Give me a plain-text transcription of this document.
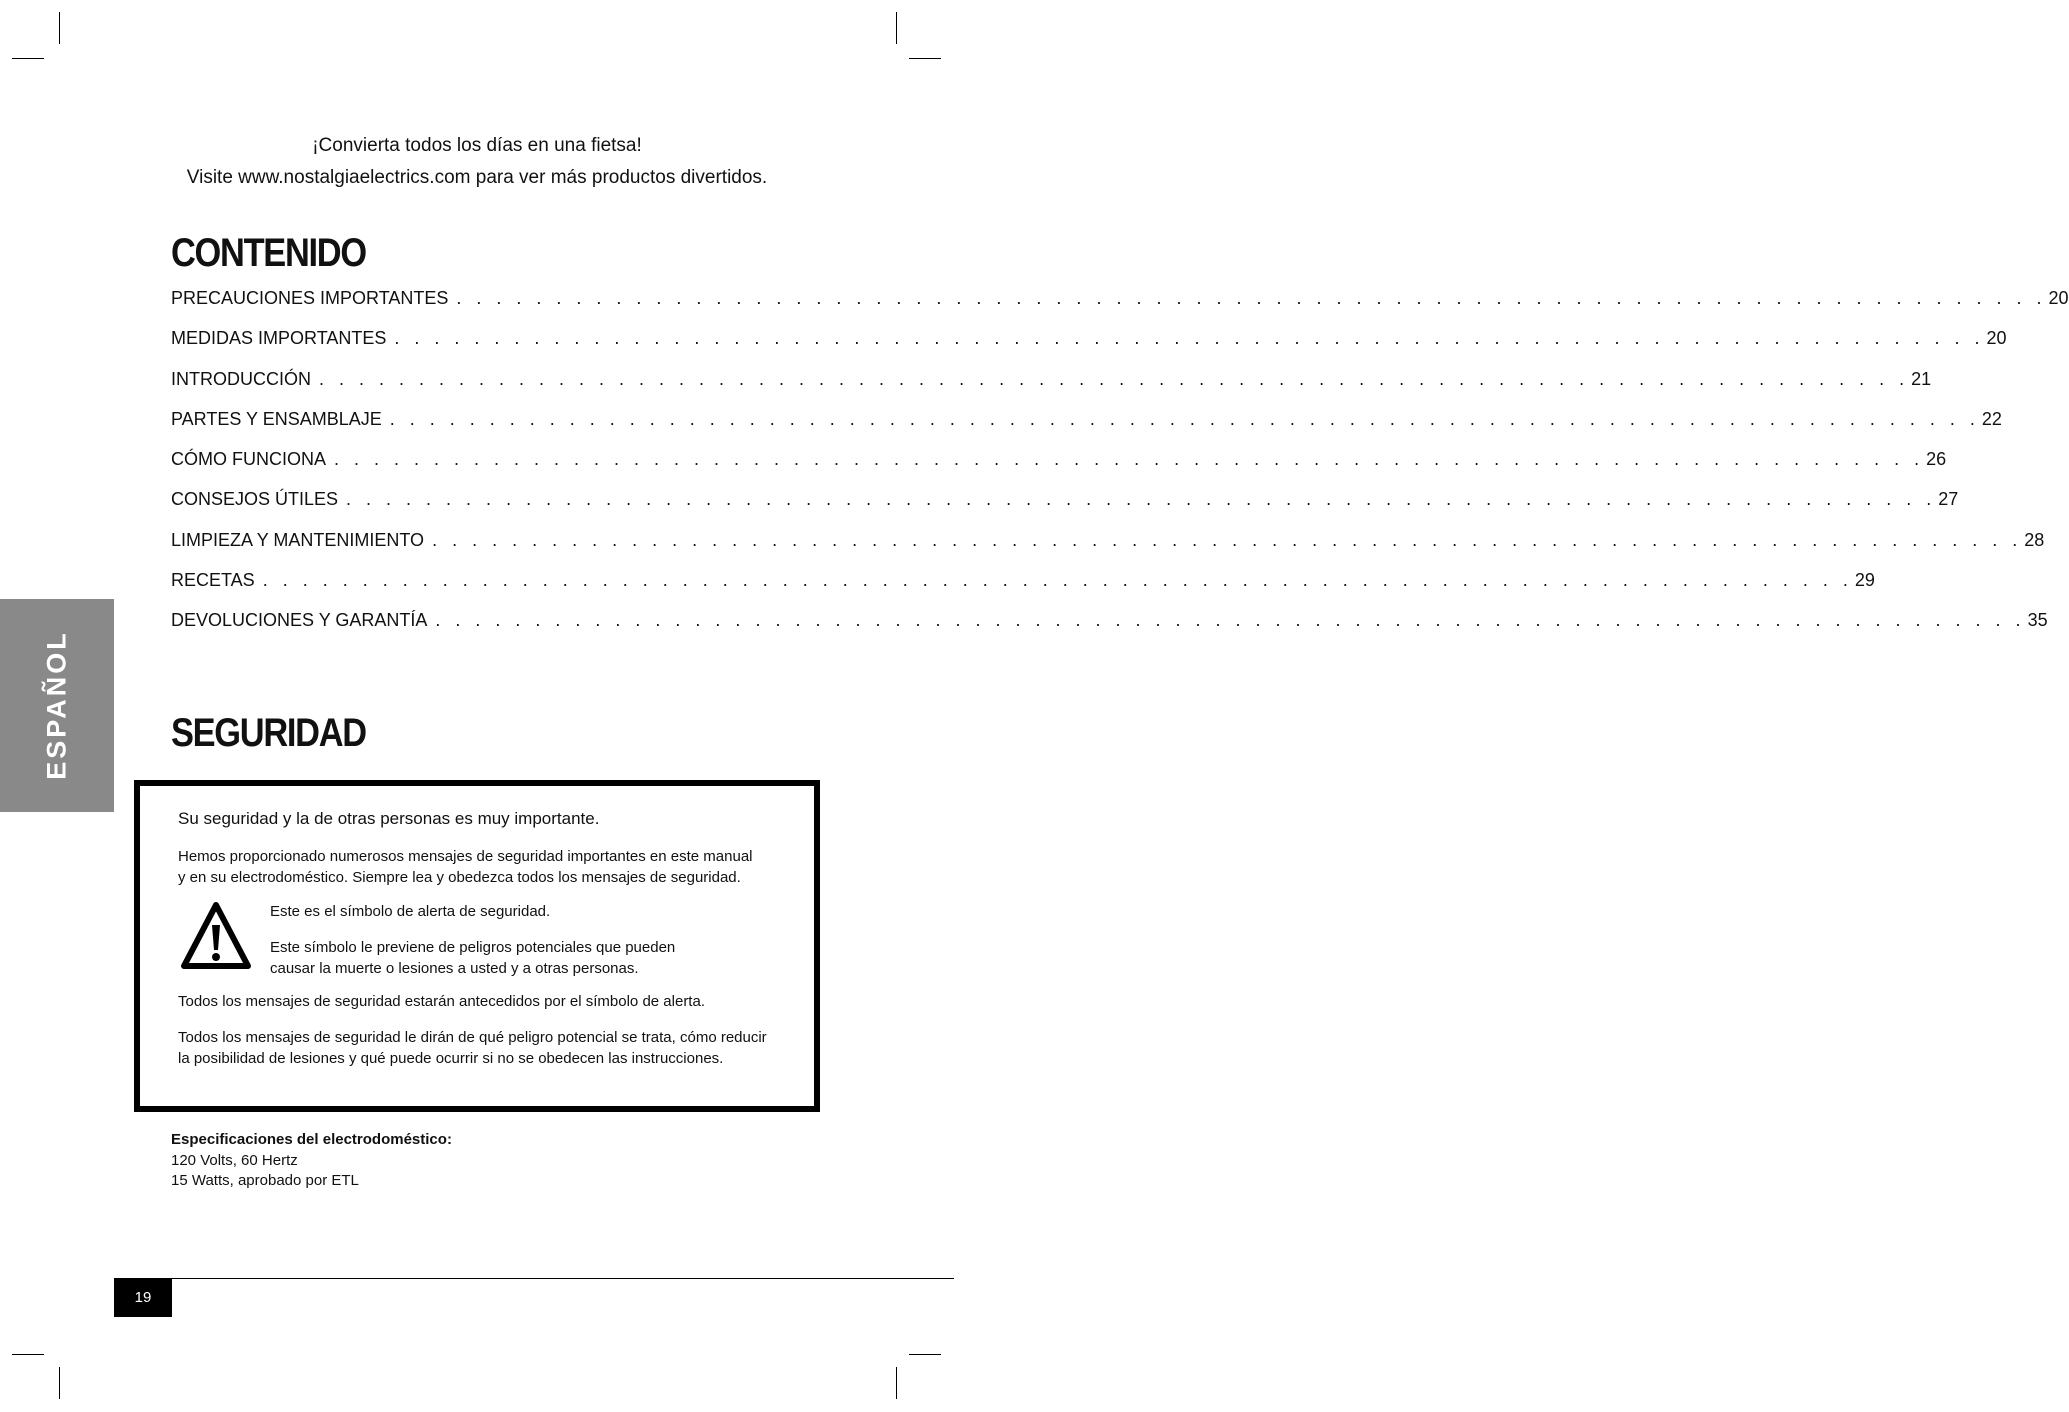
¡Convierta todos los días en una fietsa!
Visite www.nostalgiaelectrics.com para ver más productos divertidos.
CONTENIDO
PRECAUCIONES IMPORTANTES . . . . . . . . . . . . . . . . . . . . . . . . . . . . . . . . . . . . . . . . . . . . . . . . . . . . . . . . . . . . . . . . . . . . . . . . . . . . . . . . 20
MEDIDAS IMPORTANTES . . . . . . . . . . . . . . . . . . . . . . . . . . . . . . . . . . . . . . . . . . . . . . . . . . . . . . . . . . . . . . . . . . . . . . . . . . . . . . . . 20
INTRODUCCIÓN . . . . . . . . . . . . . . . . . . . . . . . . . . . . . . . . . . . . . . . . . . . . . . . . . . . . . . . . . . . . . . . . . . . . . . . . . . . . . . . . 21
PARTES Y ENSAMBLAJE . . . . . . . . . . . . . . . . . . . . . . . . . . . . . . . . . . . . . . . . . . . . . . . . . . . . . . . . . . . . . . . . . . . . . . . . . . . . . . . . 22
CÓMO FUNCIONA . . . . . . . . . . . . . . . . . . . . . . . . . . . . . . . . . . . . . . . . . . . . . . . . . . . . . . . . . . . . . . . . . . . . . . . . . . . . . . . . 26
CONSEJOS ÚTILES . . . . . . . . . . . . . . . . . . . . . . . . . . . . . . . . . . . . . . . . . . . . . . . . . . . . . . . . . . . . . . . . . . . . . . . . . . . . . . . . 27
LIMPIEZA Y MANTENIMIENTO . . . . . . . . . . . . . . . . . . . . . . . . . . . . . . . . . . . . . . . . . . . . . . . . . . . . . . . . . . . . . . . . . . . . . . . . . . . . . . . . 28
RECETAS . . . . . . . . . . . . . . . . . . . . . . . . . . . . . . . . . . . . . . . . . . . . . . . . . . . . . . . . . . . . . . . . . . . . . . . . . . . . . . . . 29
DEVOLUCIONES Y GARANTÍA . . . . . . . . . . . . . . . . . . . . . . . . . . . . . . . . . . . . . . . . . . . . . . . . . . . . . . . . . . . . . . . . . . . . . . . . . . . . . . . . 35
ESPAÑOL SEGURIDAD
Su seguridad y la de otras personas es muy importante.
Hemos proporcionado numerosos mensajes de seguridad importantes en este manual
y en su electrodoméstico. Siempre lea y obedezca todos los mensajes de seguridad.
Este es el símbolo de alerta de seguridad.
Este símbolo le previene de peligros potenciales que pueden
causar la muerte o lesiones a usted y a otras personas.
Todos los mensajes de seguridad estarán antecedidos por el símbolo de alerta.
Todos los mensajes de seguridad le dirán de qué peligro potencial se trata, cómo reducir
la posibilidad de lesiones y qué puede ocurrir si no se obedecen las instrucciones.
Especificaciones del electrodoméstico:
120 Volts, 60 Hertz
15 Watts, aprobado por ETL
19
